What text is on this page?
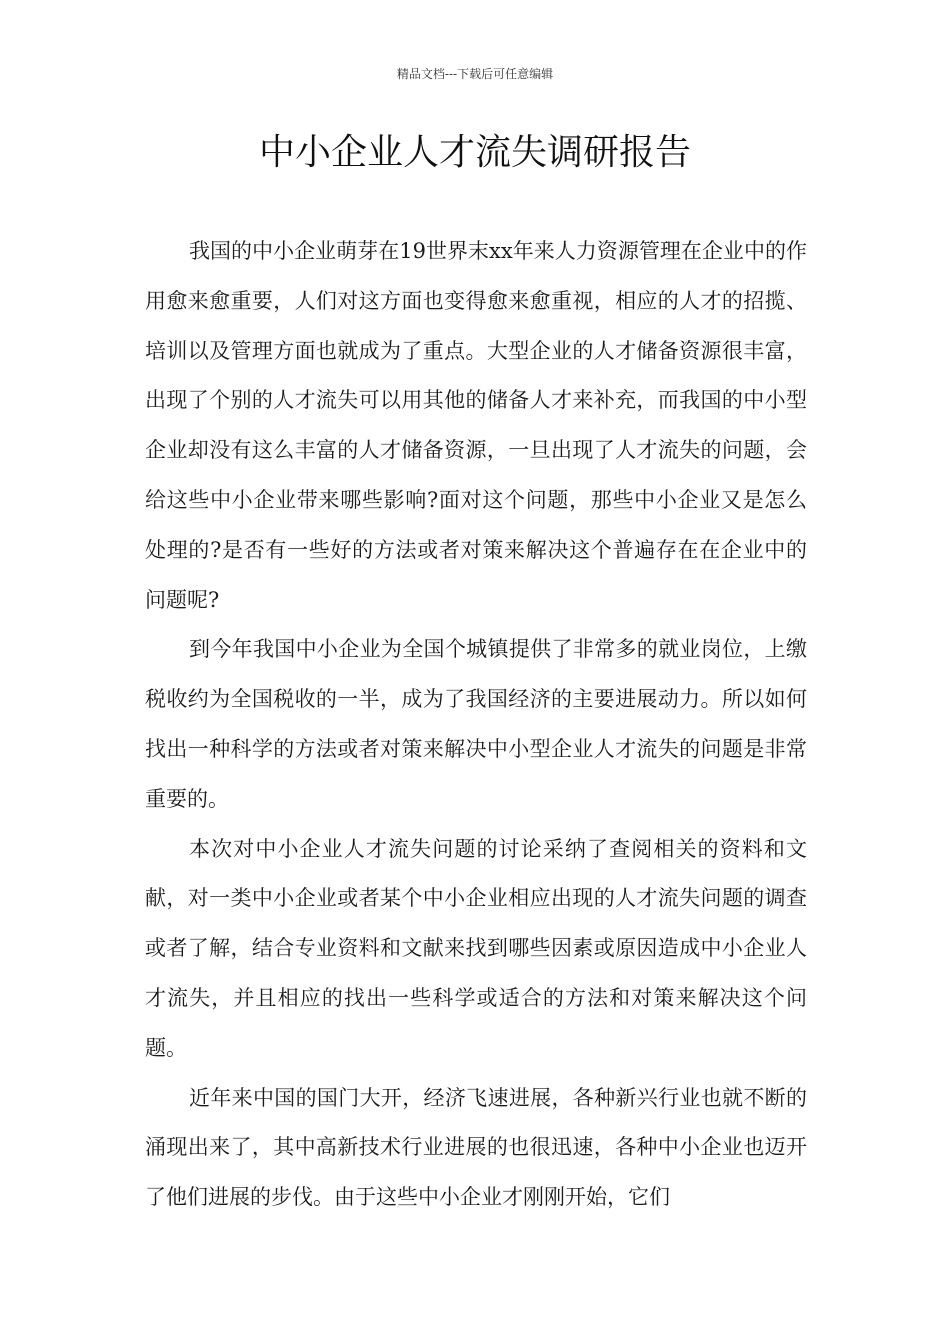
精品文档---下载后可任意编辑
中小企业人才流失调研报告

我国的中小企业萌芽在19世界末xx年来人力资源管理在企业中的作用愈来愈重要，人们对这方面也变得愈来愈重视，相应的人才的招揽、培训以及管理方面也就成为了重点。大型企业的人才储备资源很丰富，出现了个别的人才流失可以用其他的储备人才来补充，而我国的中小型企业却没有这么丰富的人才储备资源，一旦出现了人才流失的问题，会给这些中小企业带来哪些影响?面对这个问题，那些中小企业又是怎么处理的?是否有一些好的方法或者对策来解决这个普遍存在在企业中的问题呢?

到今年我国中小企业为全国个城镇提供了非常多的就业岗位，上缴税收约为全国税收的一半，成为了我国经济的主要进展动力。所以如何找出一种科学的方法或者对策来解决中小型企业人才流失的问题是非常重要的。

本次对中小企业人才流失问题的讨论采纳了查阅相关的资料和文献，对一类中小企业或者某个中小企业相应出现的人才流失问题的调查或者了解，结合专业资料和文献来找到哪些因素或原因造成中小企业人才流失，并且相应的找出一些科学或适合的方法和对策来解决这个问题。

近年来中国的国门大开，经济飞速进展，各种新兴行业也就不断的涌现出来了，其中高新技术行业进展的也很迅速，各种中小企业也迈开了他们进展的步伐。由于这些中小企业才刚刚开始，它们
